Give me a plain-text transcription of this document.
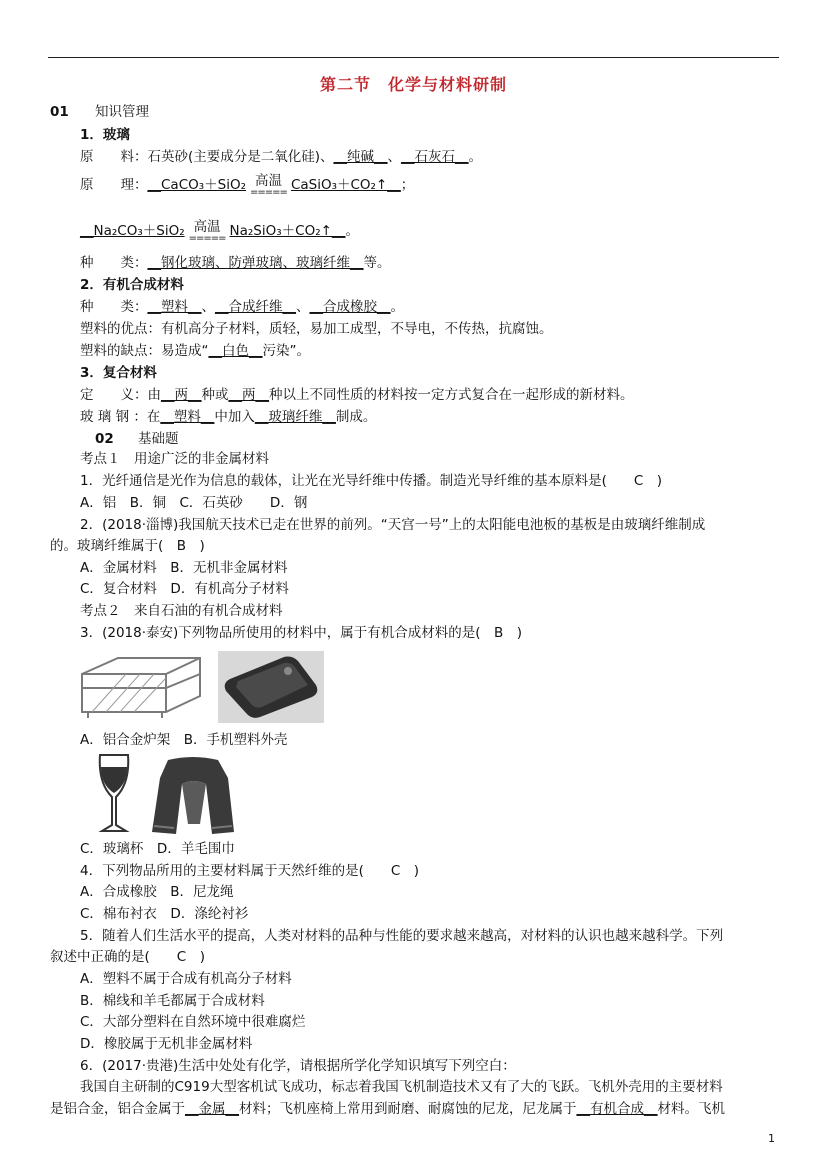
第二节　化学与材料研制
01 知识管理
1．玻璃
原　　料：石英砂(主要成分是二氧化硅)、__纯碱__、__石灰石__。
原　　理：__CaCO₃＋SiO₂ 高温
===== CaSiO₃＋CO₂↑__；
__Na₂CO₃＋SiO₂ 高温
===== Na₂SiO₃＋CO₂↑__。
种　　类：__钢化玻璃、防弹玻璃、玻璃纤维__等。
2．有机合成材料
种　　类：__塑料__、__合成纤维__、__合成橡胶__。
塑料的优点：有机高分子材料，质轻，易加工成型，不导电，不传热，抗腐蚀。
塑料的缺点：易造成“__白色__污染”。
3．复合材料
定　　义：由__两__种或__两__种以上不同性质的材料按一定方式复合在一起形成的新材料。
玻 璃 钢 ：在__塑料__中加入__玻璃纤维__制成。
02 基础题
考点１　用途广泛的非金属材料
1．光纤通信是光作为信息的载体，让光在光导纤维中传播。制造光导纤维的基本原料是(　　C　)
A．铝　B．铜　C．石英砂　　D．钢
2．(2018·淄博)我国航天技术已走在世界的前列。“天宫一号”上的太阳能电池板的基板是由玻璃纤维制成
的。玻璃纤维属于(　B　)
A．金属材料　B．无机非金属材料
C．复合材料　D．有机高分子材料
考点２　来自石油的有机合成材料
3．(2018·泰安)下列物品所使用的材料中，属于有机合成材料的是(　B　)
A．铝合金炉架　B．手机塑料外壳
C．玻璃杯　D．羊毛围巾
4．下列物品所用的主要材料属于天然纤维的是(　　C　)
A．合成橡胶　B．尼龙绳
C．棉布衬衣　D．涤纶衬衫
5．随着人们生活水平的提高，人类对材料的品种与性能的要求越来越高，对材料的认识也越来越科学。下列
叙述中正确的是(　　C　)
A．塑料不属于合成有机高分子材料
B．棉线和羊毛都属于合成材料
C．大部分塑料在自然环境中很难腐烂
D．橡胶属于无机非金属材料
6．(2017·贵港)生活中处处有化学，请根据所学化学知识填写下列空白：
我国自主研制的C919大型客机试飞成功，标志着我国飞机制造技术又有了大的飞跃。飞机外壳用的主要材料
是铝合金，铝合金属于__金属__材料；飞机座椅上常用到耐磨、耐腐蚀的尼龙，尼龙属于__有机合成__材料。飞机
1
